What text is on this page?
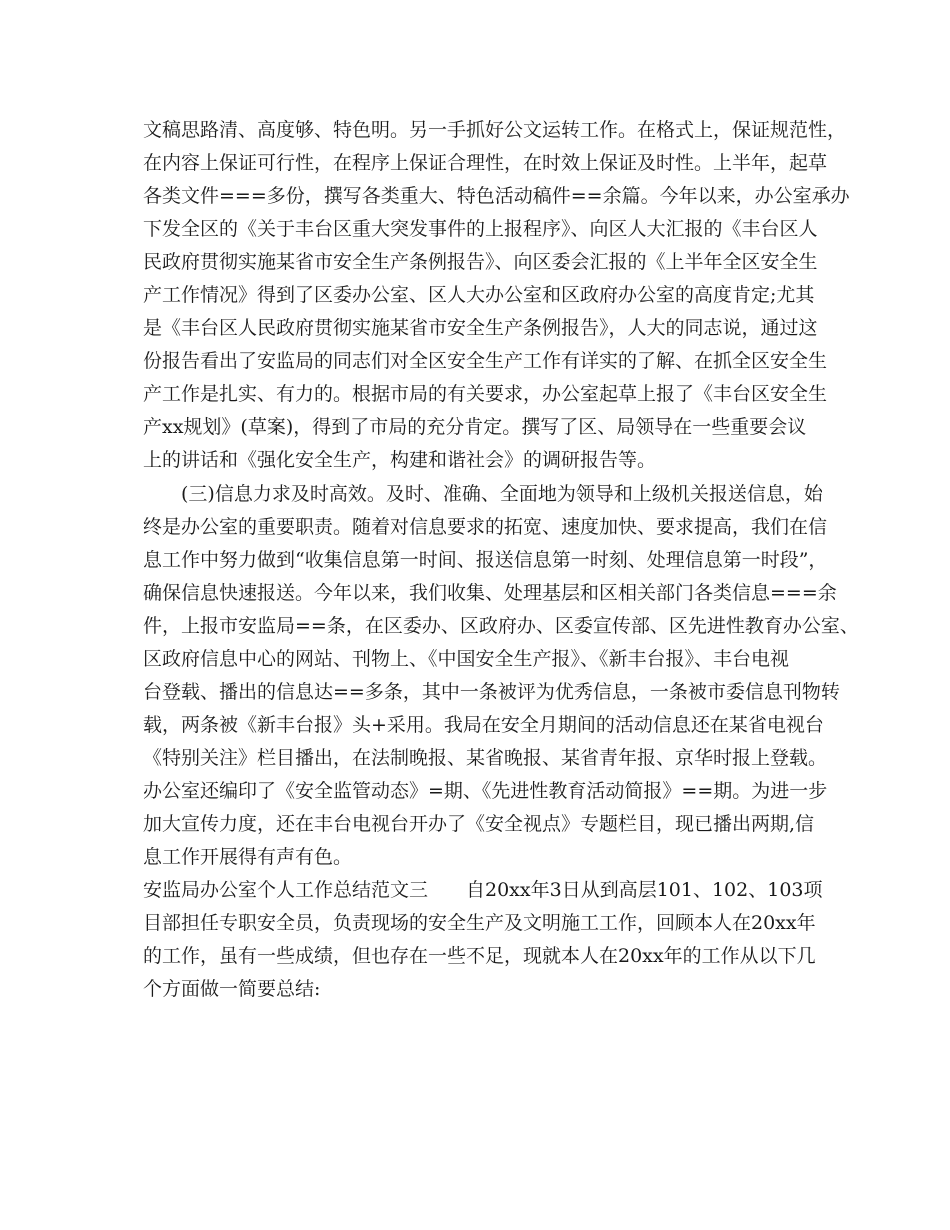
文稿思路清、高度够、特色明。另一手抓好公文运转工作。在格式上，保证规范性，
在内容上保证可行性，在程序上保证合理性，在时效上保证及时性。上半年，起草
各类文件===多份，撰写各类重大、特色活动稿件==余篇。今年以来，办公室承办
下发全区的《关于丰台区重大突发事件的上报程序》、向区人大汇报的《丰台区人
民政府贯彻实施某省市安全生产条例报告》、向区委会汇报的《上半年全区安全生
产工作情况》得到了区委办公室、区人大办公室和区政府办公室的高度肯定;尤其
是《丰台区人民政府贯彻实施某省市安全生产条例报告》，人大的同志说，通过这
份报告看出了安监局的同志们对全区安全生产工作有详实的了解、在抓全区安全生
产工作是扎实、有力的。根据市局的有关要求，办公室起草上报了《丰台区安全生
产xx规划》(草案)，得到了市局的充分肯定。撰写了区、局领导在一些重要会议
上的讲话和《强化安全生产，构建和谐社会》的调研报告等。
　　(三)信息力求及时高效。及时、准确、全面地为领导和上级机关报送信息，始
终是办公室的重要职责。随着对信息要求的拓宽、速度加快、要求提高，我们在信
息工作中努力做到“收集信息第一时间、报送信息第一时刻、处理信息第一时段”，
确保信息快速报送。今年以来，我们收集、处理基层和区相关部门各类信息===余
件，上报市安监局==条，在区委办、区政府办、区委宣传部、区先进性教育办公室、
区政府信息中心的网站、刊物上、《中国安全生产报》、《新丰台报》、丰台电视
台登载、播出的信息达==多条，其中一条被评为优秀信息，一条被市委信息刊物转
载，两条被《新丰台报》头+采用。我局在安全月期间的活动信息还在某省电视台
《特别关注》栏目播出，在法制晚报、某省晚报、某省青年报、京华时报上登载。
办公室还编印了《安全监管动态》=期、《先进性教育活动简报》==期。为进一步
加大宣传力度，还在丰台电视台开办了《安全视点》专题栏目，现已播出两期,信
息工作开展得有声有色。
安监局办公室个人工作总结范文三　　自20xx年3日从到高层101、102、103项
目部担任专职安全员，负责现场的安全生产及文明施工工作，回顾本人在20xx年
的工作，虽有一些成绩，但也存在一些不足，现就本人在20xx年的工作从以下几
个方面做一简要总结:
